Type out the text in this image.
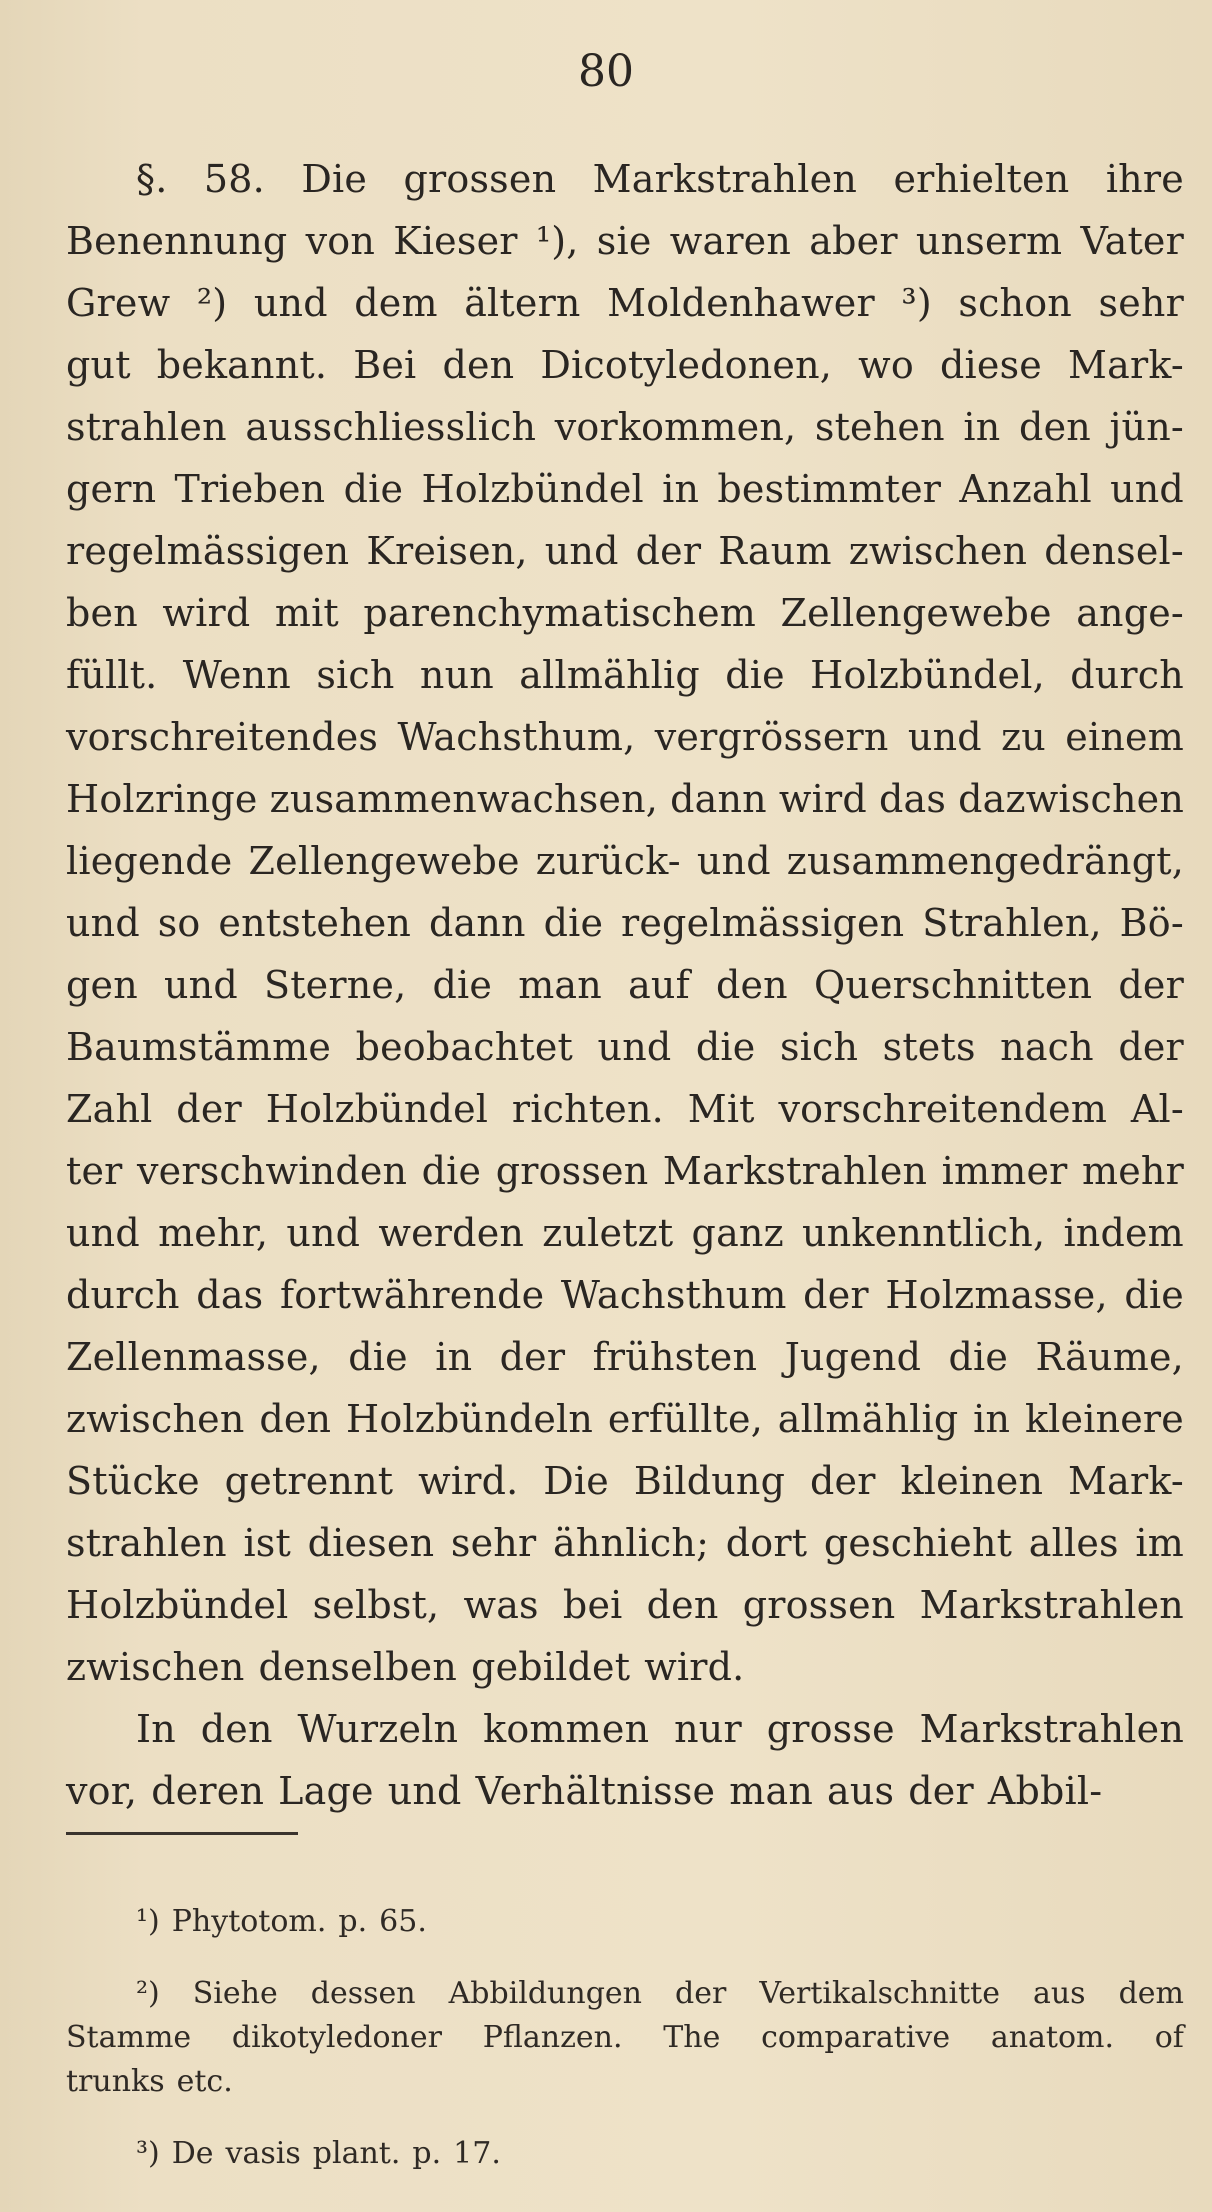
80
§. 58. Die grossen Markstrahlen erhielten ihre
Benennung von Kieser ¹), sie waren aber unserm Vater
Grew ²) und dem ältern Moldenhawer ³) schon sehr
gut bekannt. Bei den Dicotyledonen, wo diese Mark-
strahlen ausschliesslich vorkommen, stehen in den jün-
gern Trieben die Holzbündel in bestimmter Anzahl und
regelmässigen Kreisen, und der Raum zwischen densel-
ben wird mit parenchymatischem Zellengewebe ange-
füllt. Wenn sich nun allmählig die Holzbündel, durch
vorschreitendes Wachsthum, vergrössern und zu einem
Holzringe zusammenwachsen, dann wird das dazwischen
liegende Zellengewebe zurück- und zusammengedrängt,
und so entstehen dann die regelmässigen Strahlen, Bö-
gen und Sterne, die man auf den Querschnitten der
Baumstämme beobachtet und die sich stets nach der
Zahl der Holzbündel richten. Mit vorschreitendem Al-
ter verschwinden die grossen Markstrahlen immer mehr
und mehr, und werden zuletzt ganz unkenntlich, indem
durch das fortwährende Wachsthum der Holzmasse, die
Zellenmasse, die in der frühsten Jugend die Räume,
zwischen den Holzbündeln erfüllte, allmählig in kleinere
Stücke getrennt wird. Die Bildung der kleinen Mark-
strahlen ist diesen sehr ähnlich; dort geschieht alles im
Holzbündel selbst, was bei den grossen Markstrahlen
zwischen denselben gebildet wird.
In den Wurzeln kommen nur grosse Markstrahlen
vor, deren Lage und Verhältnisse man aus der Abbil-
¹) Phytotom. p. 65.
²) Siehe dessen Abbildungen der Vertikalschnitte aus dem
Stamme dikotyledoner Pflanzen. The comparative anatom. of
trunks etc.
³) De vasis plant. p. 17.
